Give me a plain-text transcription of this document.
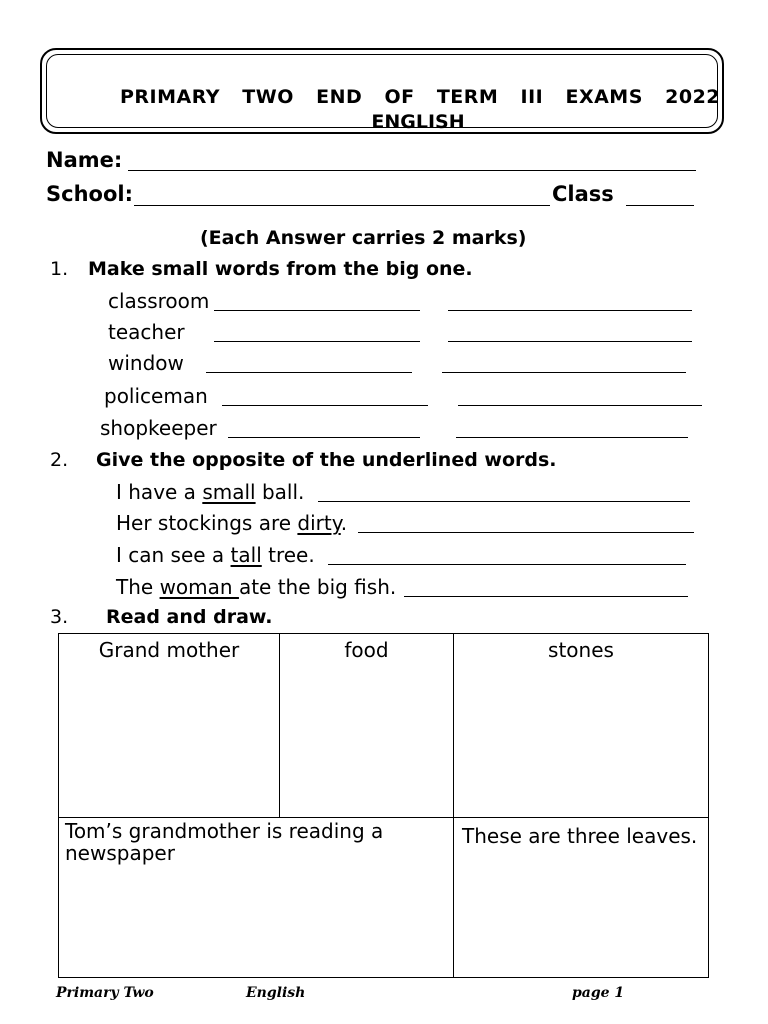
PRIMARY  TWO  END  OF  TERM  III  EXAMS  2022
ENGLISH
Name:
School:	Class
(Each Answer carries 2 marks)
1. Make small words from the big one.
classroom
teacher
window
policeman
shopkeeper
2. Give the opposite of the underlined words.
I have a small ball.
Her stockings are dirty.
I can see a tall tree.
The woman ate the big fish.
3. Read and draw.
Grand mother	food	stones

Tom’s grandmother is reading a newspaper		These are three leaves.
Primary Two	English	page 1
